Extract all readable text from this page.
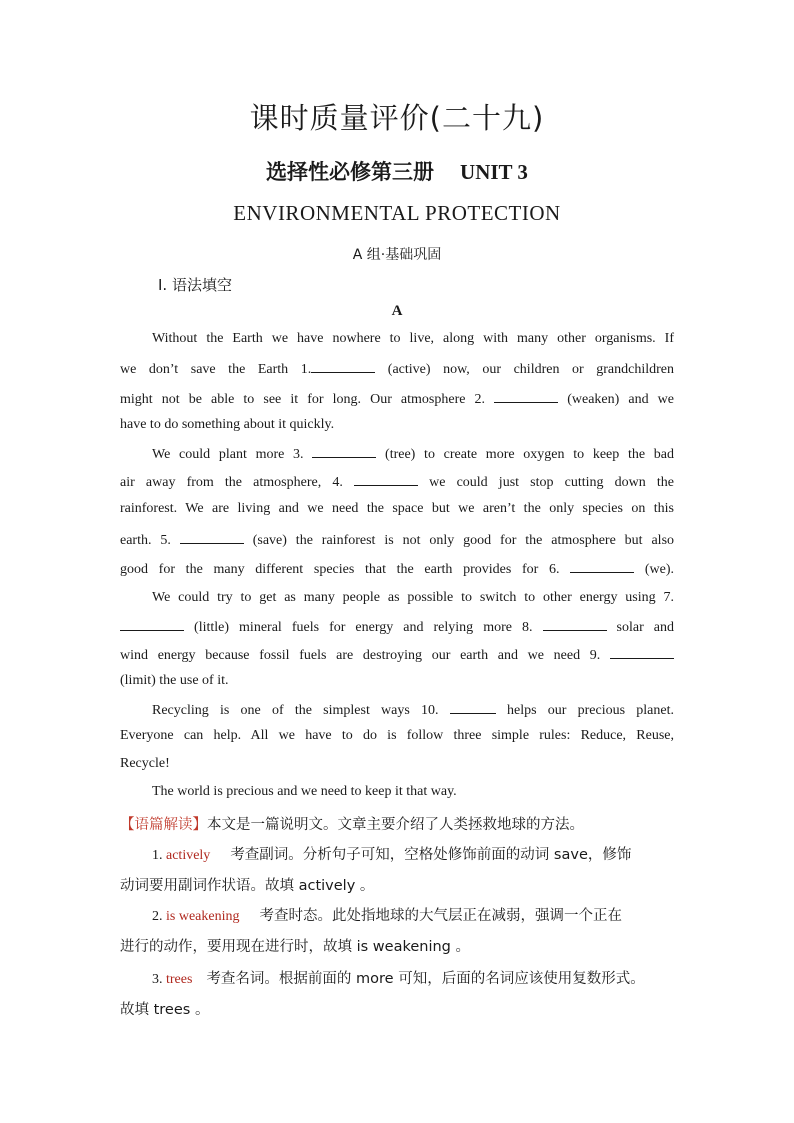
课时质量评价(二十九)
选择性必修第三册 UNIT 3
ENVIRONMENTAL PROTECTION
A 组·基础巩固
Ⅰ. 语法填空
A
Without the Earth we have nowhere to live, along with many other organisms. If
we don’t save the Earth 1.	(active) now, our children or grandchildren
might not be able to see it for long. Our atmosphere 2.	(weaken) and we
have to do something about it quickly.
We could plant more 3.	(tree) to create more oxygen to keep the bad
air away from the atmosphere, 4.	we could just stop cutting down the
rainforest. We are living and we need the space but we aren’t the only species on this
earth. 5.	(save) the rainforest is not only good for the atmosphere but also
good for the many different species that the earth provides for 6.	(we).
We could try to get as many people as possible to switch to other energy using 7.
(little) mineral fuels for energy and relying more 8.	solar and
wind energy because fossil fuels are destroying our earth and we need 9.
(limit) the use of it.
Recycling is one of the simplest ways 10.	helps our precious planet.
Everyone can help. All we have to do is follow three simple rules: Reduce, Reuse,
Recycle!
The world is precious and we need to keep it that way.
【语篇解读】本文是一篇说明文。文章主要介绍了人类拯救地球的方法。
1. actively 考查副词。分析句子可知，空格处修饰前面的动词 save，修饰
动词要用副词作状语。故填 actively 。
2. is weakening 考查时态。此处指地球的大气层正在减弱，强调一个正在
进行的动作，要用现在进行时，故填 is weakening 。
3. trees 考查名词。根据前面的 more 可知，后面的名词应该使用复数形式。
故填 trees 。
